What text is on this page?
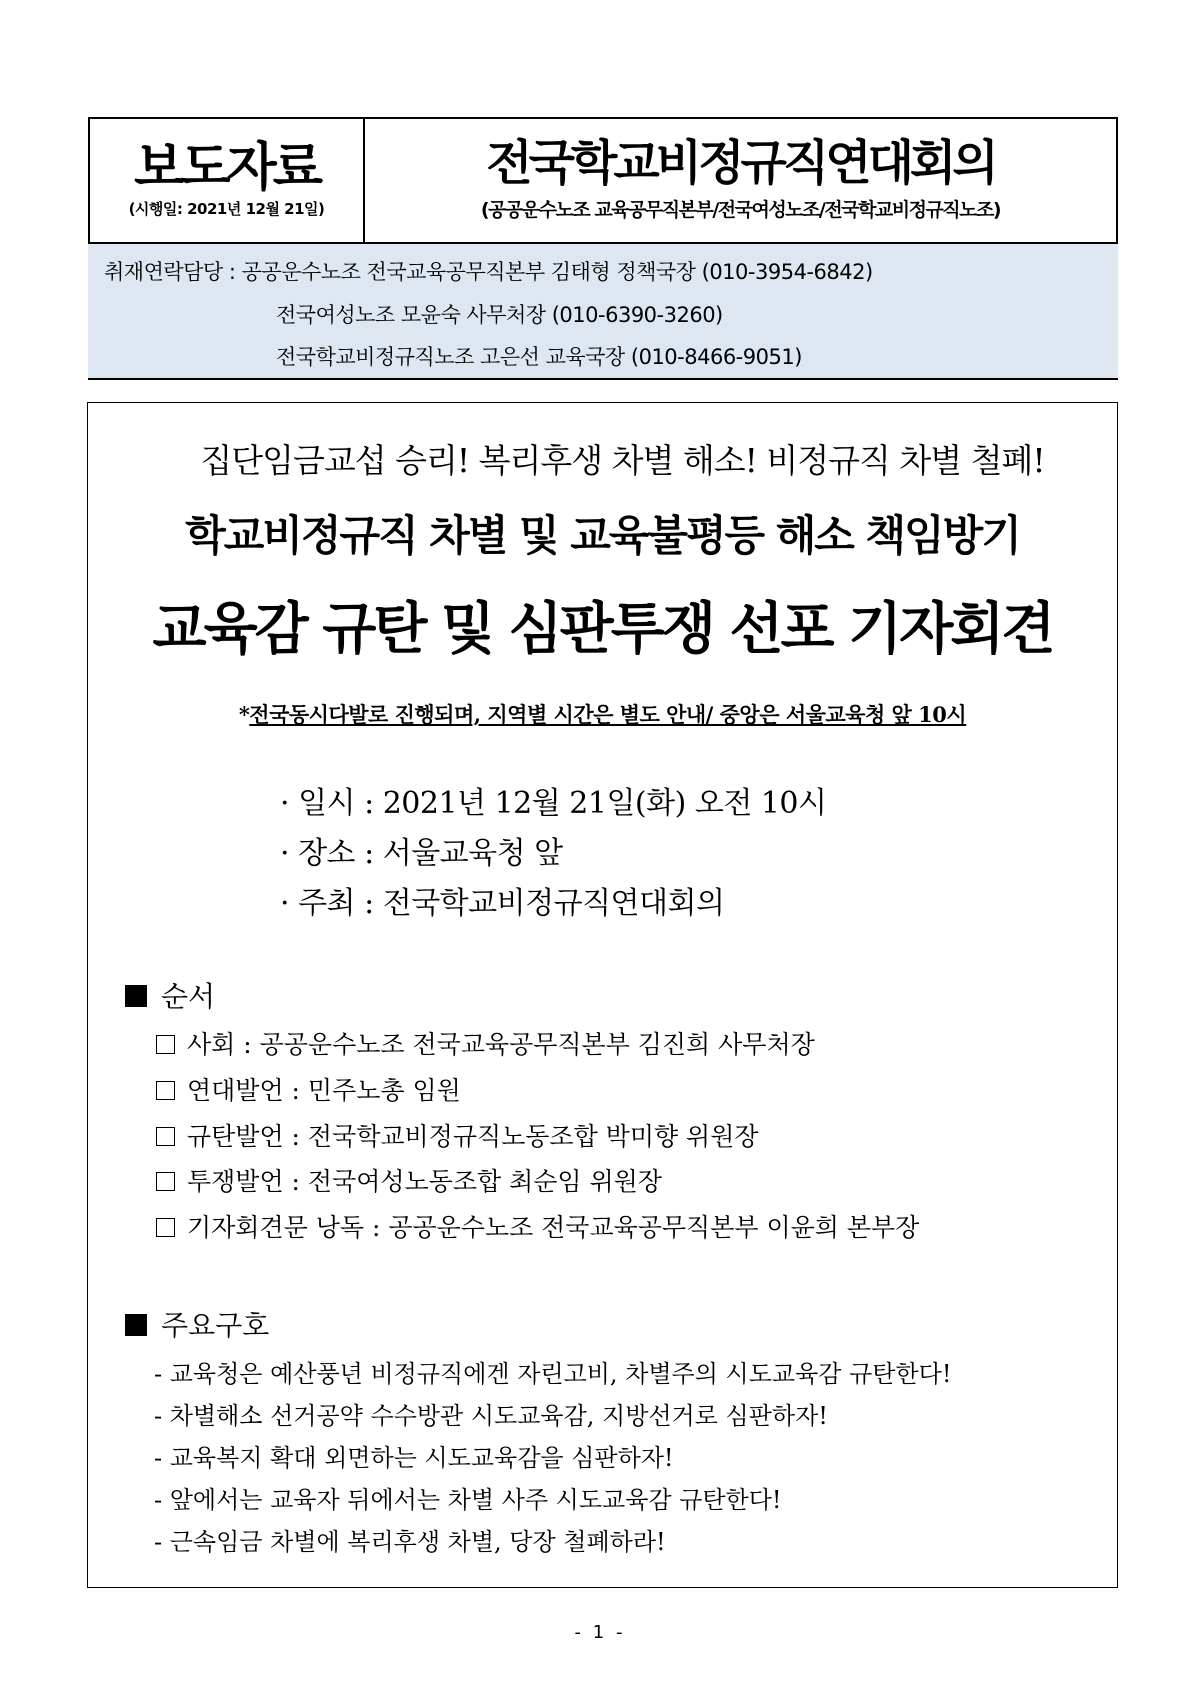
보도자료
(시행일: 2021년 12월 21일)
전국학교비정규직연대회의
(공공운수노조 교육공무직본부/전국여성노조/전국학교비정규직노조)
취재연락담당 : 공공운수노조 전국교육공무직본부 김태형 정책국장 (010-3954-6842)
전국여성노조 모윤숙 사무처장 (010-6390-3260)
전국학교비정규직노조 고은선 교육국장 (010-8466-9051)
집단임금교섭 승리! 복리후생 차별 해소! 비정규직 차별 철폐!
학교비정규직 차별 및 교육불평등 해소 책임방기
교육감 규탄 및 심판투쟁 선포 기자회견
*전국동시다발로 진행되며, 지역별 시간은 별도 안내/ 중앙은 서울교육청 앞 10시
· 일시 : 2021년 12월 21일(화) 오전 10시
· 장소 : 서울교육청 앞
· 주최 : 전국학교비정규직연대회의
순서
사회 : 공공운수노조 전국교육공무직본부 김진희 사무처장
연대발언 : 민주노총 임원
규탄발언 : 전국학교비정규직노동조합 박미향 위원장
투쟁발언 : 전국여성노동조합 최순임 위원장
기자회견문 낭독 : 공공운수노조 전국교육공무직본부 이윤희 본부장
주요구호
- 교육청은 예산풍년 비정규직에겐 자린고비, 차별주의 시도교육감 규탄한다!
- 차별해소 선거공약 수수방관 시도교육감, 지방선거로 심판하자!
- 교육복지 확대 외면하는 시도교육감을 심판하자!
- 앞에서는 교육자 뒤에서는 차별 사주 시도교육감 규탄한다!
- 근속임금 차별에 복리후생 차별, 당장 철폐하라!
- 1 -
